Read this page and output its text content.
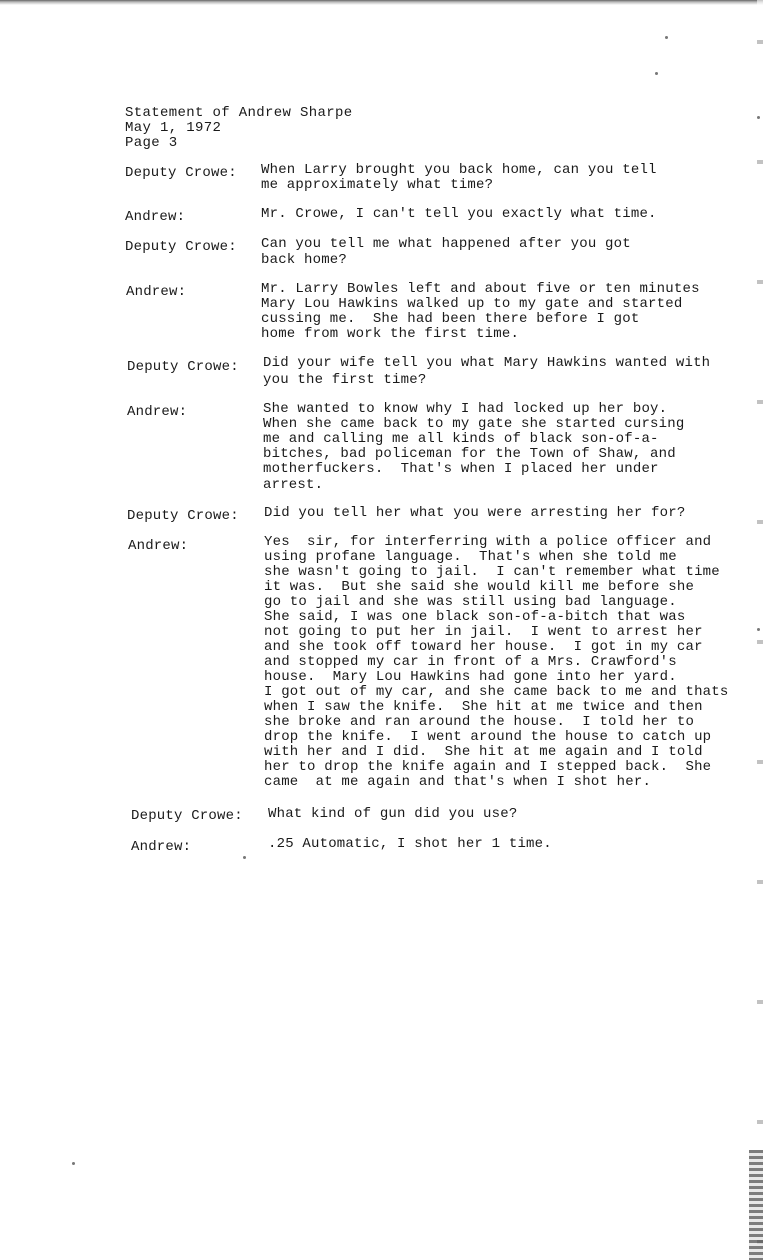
Statement of Andrew Sharpe
May 1, 1972
Page 3
Deputy Crowe: When Larry brought you back home, can you tell
me approximately what time?
Andrew:	Mr. Crowe, I can't tell you exactly what time.
Deputy Crowe: Can you tell me what happened after you got
back home?
Andrew:	Mr. Larry Bowles left and about five or ten minutes
Mary Lou Hawkins walked up to my gate and started
cussing me.  She had been there before I got
home from work the first time.
Deputy Crowe: Did your wife tell you what Mary Hawkins wanted with
you the first time?
Andrew:	She wanted to know why I had locked up her boy.
When she came back to my gate she started cursing
me and calling me all kinds of black son-of-a-
bitches, bad policeman for the Town of Shaw, and
motherfuckers.  That's when I placed her under
arrest.
Deputy Crowe: Did you tell her what you were arresting her for?
Andrew:	Yes  sir, for interferring with a police officer and
using profane language.  That's when she told me
she wasn't going to jail.  I can't remember what time
it was.  But she said she would kill me before she
go to jail and she was still using bad language.
She said, I was one black son-of-a-bitch that was
not going to put her in jail.  I went to arrest her
and she took off toward her house.  I got in my car
and stopped my car in front of a Mrs. Crawford's
house.  Mary Lou Hawkins had gone into her yard.
I got out of my car, and she came back to me and thats
when I saw the knife.  She hit at me twice and then
she broke and ran around the house.  I told her to
drop the knife.  I went around the house to catch up
with her and I did.  She hit at me again and I told
her to drop the knife again and I stepped back.  She
came  at me again and that's when I shot her.
Deputy Crowe: What kind of gun did you use?
Andrew:	.25 Automatic, I shot her 1 time.
